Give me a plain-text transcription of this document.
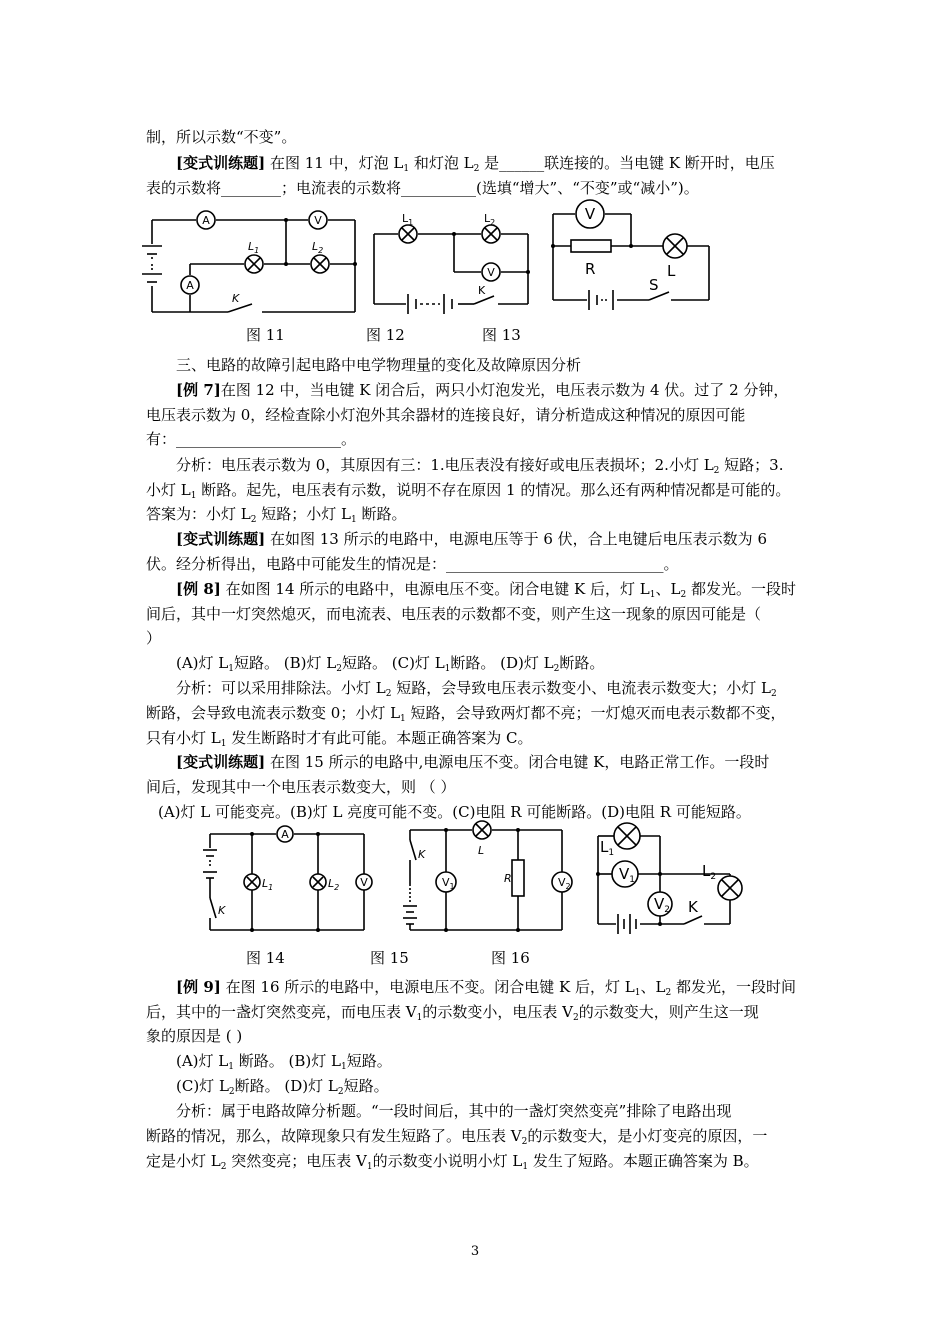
制，所以示数“不变”。
[变式训练题] 在图 11 中，灯泡 $L_1$ 和灯泡 $L_2$ 是______联连接的。当电键 K 断开时，电压
表的示数将________；电流表的示数将__________(选填“增大”、“不变”或“减小”)。
三、电路的故障引起电路中电学物理量的变化及故障原因分析
[例 7]在图 12 中，当电键 K 闭合后，两只小灯泡发光，电压表示数为 4 伏。过了 2 分钟，
电压表示数为 0，经检查除小灯泡外其余器材的连接良好，请分析造成这种情况的原因可能
有：______________________。
分析：电压表示数为 0，其原因有三：1.电压表没有接好或电压表损坏；2.小灯 $L_2$ 短路；3.
小灯 $L_1$ 断路。起先，电压表有示数，说明不存在原因 1 的情况。那么还有两种情况都是可能的。
答案为：小灯 $L_2$ 短路；小灯 $L_1$ 断路。
[变式训练题] 在如图 13 所示的电路中，电源电压等于 6 伏，合上电键后电压表示数为 6
伏。经分析得出，电路中可能发生的情况是：_____________________________。
[例 8] 在如图 14 所示的电路中，电源电压不变。闭合电键 K 后，灯 $L_1$、$L_2$ 都发光。一段时
间后，其中一灯突然熄灭，而电流表、电压表的示数都不变，则产生这一现象的原因可能是（
）
(A)灯 $L_1$短路。 (B)灯 $L_2$短路。 (C)灯 $L_1$断路。 (D)灯 $L_2$断路。
分析：可以采用排除法。小灯 $L_2$ 短路，会导致电压表示数变小、电流表示数变大；小灯 $L_2$
断路，会导致电流表示数变 0；小灯 $L_1$ 短路，会导致两灯都不亮；一灯熄灭而电表示数都不变，
只有小灯 $L_1$ 发生断路时才有此可能。本题正确答案为 C。
[变式训练题] 在图 15 所示的电路中,电源电压不变。闭合电键 K，电路正常工作。一段时
间后，发现其中一个电压表示数变大，则 （ ）
(A)灯 L 可能变亮。(B)灯 L 亮度可能不变。(C)电阻 R 可能断路。(D)电阻 R 可能短路。
[例 9] 在图 16 所示的电路中，电源电压不变。闭合电键 K 后，灯 $L_1$、$L_2$ 都发光，一段时间
后，其中的一盏灯突然变亮，而电压表 $V_1$的示数变小，电压表 $V_2$的示数变大，则产生这一现
象的原因是 ( )
(A)灯 $L_1$ 断路。 (B)灯 $L_1$短路。
(C)灯 $L_2$断路。 (D)灯 $L_2$短路。
分析：属于电路故障分析题。“一段时间后，其中的一盏灯突然变亮”排除了电路出现
断路的情况，那么，故障现象只有发生短路了。电压表 $V_2$的示数变大，是小灯变亮的原因，一
定是小灯 $L_2$ 突然变亮；电压表 $V_1$的示数变小说明小灯 $L_1$ 发生了短路。本题正确答案为 B。
A	V
A
$L_1$	$L_2$
K
V
$L_1$	$L_2$
K
V
R	L
S
A
V
$L_1$	$L_2$
K
$V_1$	$V_2$
L
R
K
$V_1$
$V_2$
$L_1$
$L_2$
K
图 11	图 12	图 13
图 14	图 15	图 16
3
